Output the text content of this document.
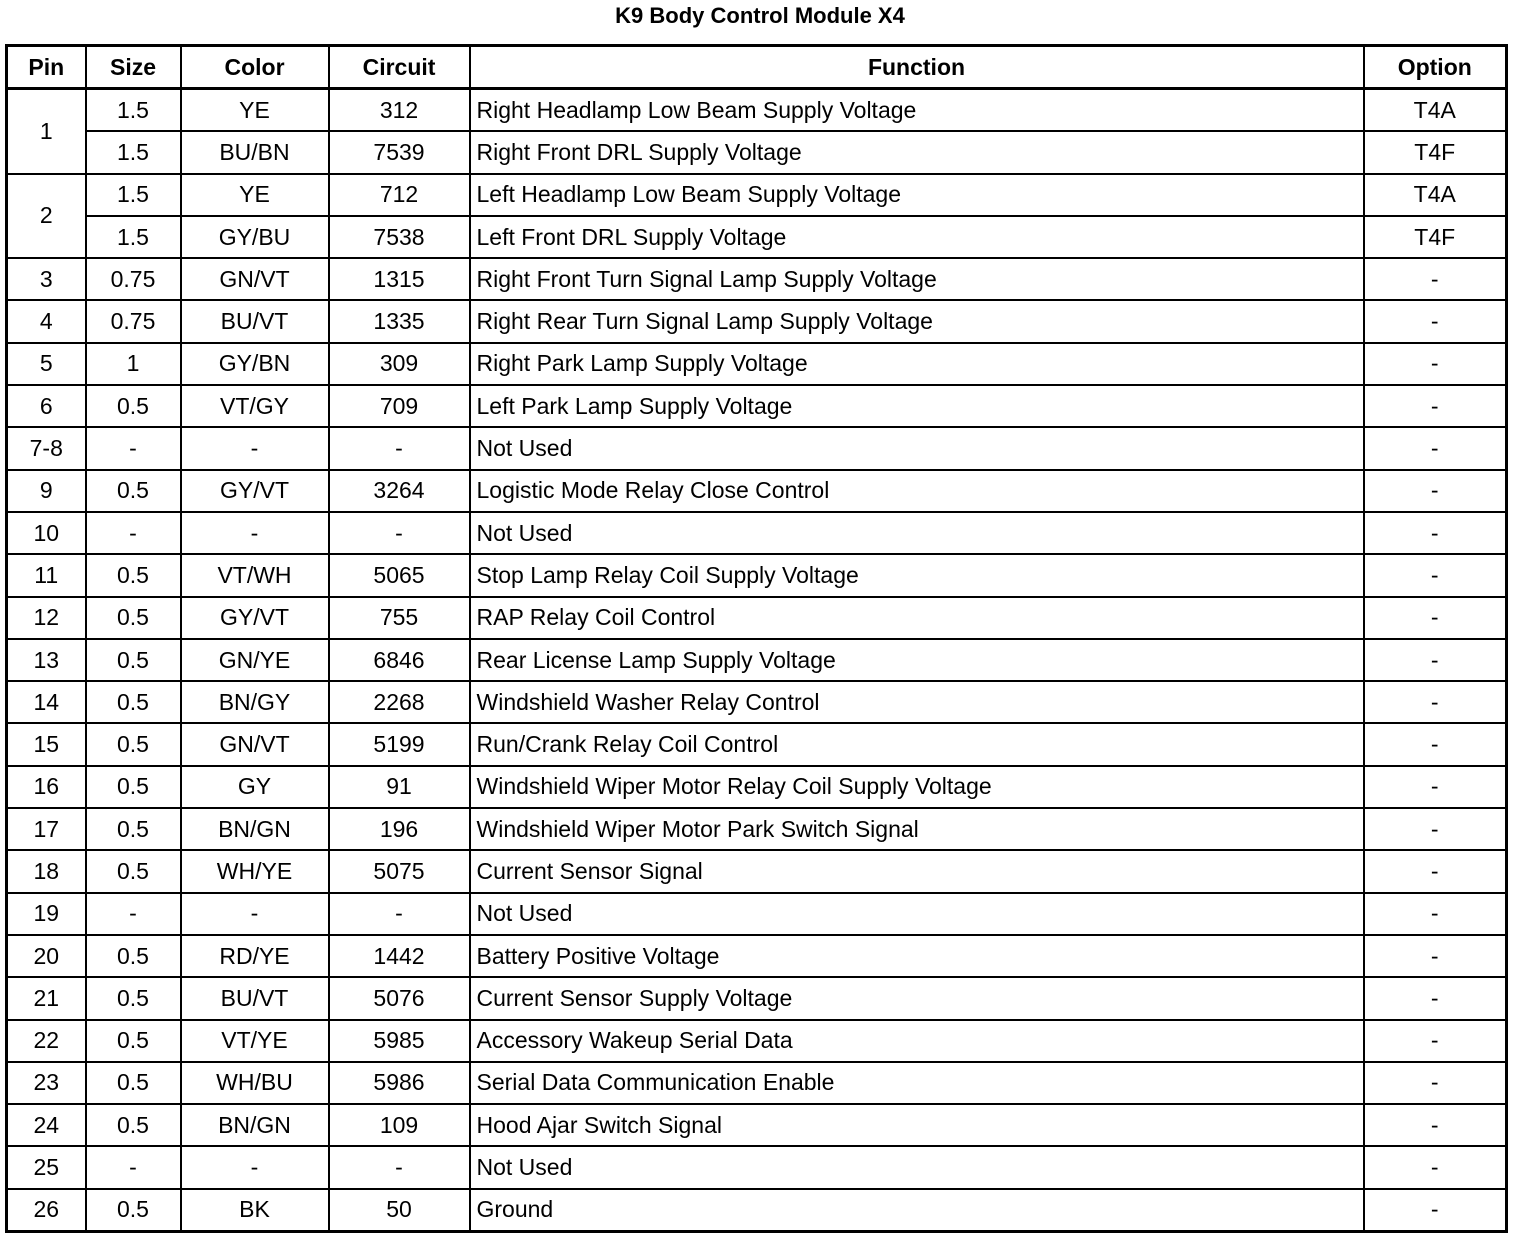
K9 Body Control Module X4
Pin	Size	Color	Circuit	Function	Option
1	1.5	YE	312	Right Headlamp Low Beam Supply Voltage	T4A
	1.5	BU/BN	7539	Right Front DRL Supply Voltage	T4F
2	1.5	YE	712	Left Headlamp Low Beam Supply Voltage	T4A
	1.5	GY/BU	7538	Left Front DRL Supply Voltage	T4F
3	0.75	GN/VT	1315	Right Front Turn Signal Lamp Supply Voltage	-
4	0.75	BU/VT	1335	Right Rear Turn Signal Lamp Supply Voltage	-
5	1	GY/BN	309	Right Park Lamp Supply Voltage	-
6	0.5	VT/GY	709	Left Park Lamp Supply Voltage	-
7-8	-	-	-	Not Used	-
9	0.5	GY/VT	3264	Logistic Mode Relay Close Control	-
10	-	-	-	Not Used	-
11	0.5	VT/WH	5065	Stop Lamp Relay Coil Supply Voltage	-
12	0.5	GY/VT	755	RAP Relay Coil Control	-
13	0.5	GN/YE	6846	Rear License Lamp Supply Voltage	-
14	0.5	BN/GY	2268	Windshield Washer Relay Control	-
15	0.5	GN/VT	5199	Run/Crank Relay Coil Control	-
16	0.5	GY	91	Windshield Wiper Motor Relay Coil Supply Voltage	-
17	0.5	BN/GN	196	Windshield Wiper Motor Park Switch Signal	-
18	0.5	WH/YE	5075	Current Sensor Signal	-
19	-	-	-	Not Used	-
20	0.5	RD/YE	1442	Battery Positive Voltage	-
21	0.5	BU/VT	5076	Current Sensor Supply Voltage	-
22	0.5	VT/YE	5985	Accessory Wakeup Serial Data	-
23	0.5	WH/BU	5986	Serial Data Communication Enable	-
24	0.5	BN/GN	109	Hood Ajar Switch Signal	-
25	-	-	-	Not Used	-
26	0.5	BK	50	Ground	-
